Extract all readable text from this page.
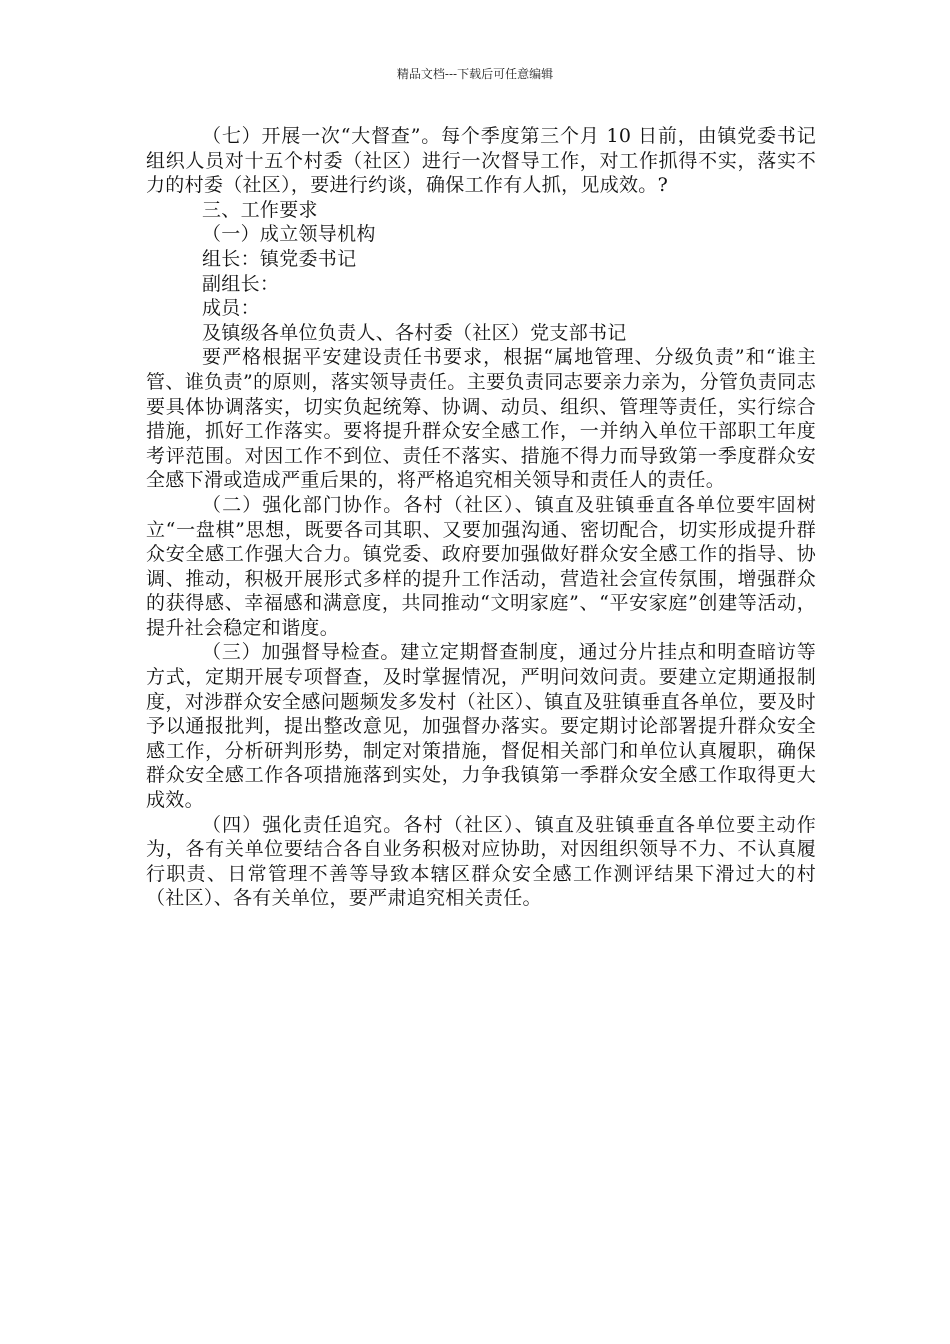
精品文档---下载后可任意编辑

（七）开展一次“大督查”。每个季度第三个月 10 日前，由镇党委书记组织人员对十五个村委（社区）进行一次督导工作，对工作抓得不实，落实不力的村委（社区），要进行约谈，确保工作有人抓，见成效。?

三、工作要求

（一）成立领导机构

组长：镇党委书记

副组长：

成员：

及镇级各单位负责人、各村委（社区）党支部书记

要严格根据平安建设责任书要求，根据“属地管理、分级负责”和“谁主管、谁负责”的原则，落实领导责任。主要负责同志要亲力亲为，分管负责同志要具体协调落实，切实负起统筹、协调、动员、组织、管理等责任，实行综合措施，抓好工作落实。要将提升群众安全感工作，一并纳入单位干部职工年度考评范围。对因工作不到位、责任不落实、措施不得力而导致第一季度群众安全感下滑或造成严重后果的，将严格追究相关领导和责任人的责任。

（二）强化部门协作。各村（社区）、镇直及驻镇垂直各单位要牢固树立“一盘棋”思想，既要各司其职、又要加强沟通、密切配合，切实形成提升群众安全感工作强大合力。镇党委、政府要加强做好群众安全感工作的指导、协调、推动，积极开展形式多样的提升工作活动，营造社会宣传氛围，增强群众的获得感、幸福感和满意度，共同推动“文明家庭”、“平安家庭”创建等活动，提升社会稳定和谐度。

（三）加强督导检查。建立定期督查制度，通过分片挂点和明查暗访等方式，定期开展专项督查，及时掌握情况，严明问效问责。要建立定期通报制度，对涉群众安全感问题频发多发村（社区）、镇直及驻镇垂直各单位，要及时予以通报批判，提出整改意见，加强督办落实。要定期讨论部署提升群众安全感工作，分析研判形势，制定对策措施，督促相关部门和单位认真履职，确保群众安全感工作各项措施落到实处，力争我镇第一季群众安全感工作取得更大成效。

（四）强化责任追究。各村（社区）、镇直及驻镇垂直各单位要主动作为，各有关单位要结合各自业务积极对应协助，对因组织领导不力、不认真履行职责、日常管理不善等导致本辖区群众安全感工作测评结果下滑过大的村（社区）、各有关单位，要严肃追究相关责任。
